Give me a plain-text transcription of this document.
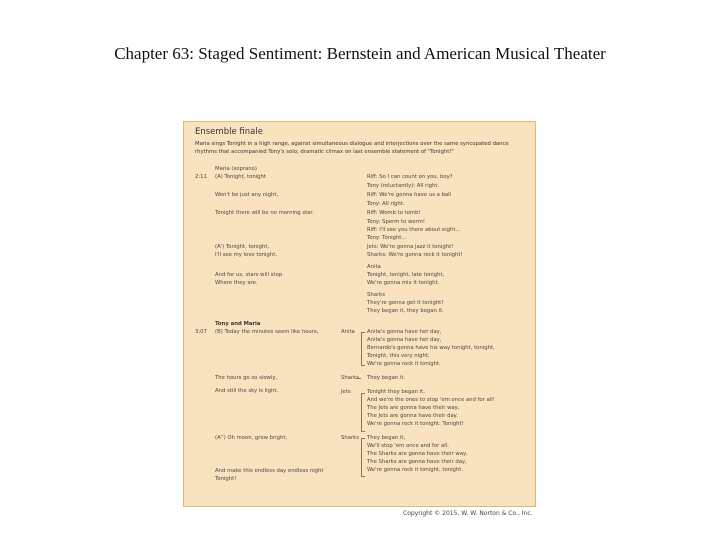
Chapter 63: Staged Sentiment: Bernstein and American Musical Theater
Ensemble finale
Maria sings Tonight in a high range, against simultaneous dialogue and interjections over the same syncopated dance rhythms that accompanied Tony's solo; dramatic climax on last ensemble statement of "Tonight!"
2:11
3:07
Maria (soprano)
(A) Tonight, tonight
Won't be just any night,
Tonight there will be no morning star.
(A') Tonight, tonight,
I'll see my love tonight.
And for us, stars will stop
Where they are.
Tony and Maria
(B) Today the minutes seem like hours,
The hours go so slowly,
And still the sky is light.
(A'') Oh moon, grow bright,
And make this endless day endless night
Tonight!
Anita
Sharks
Jets
Sharks
Riff: So I can count on you, boy?
Tony (reluctantly): All right.
Riff: We're gonna have us a ball
Tony: All right.
Riff: Womb to tomb!
Tony: Sperm to worm!
Riff: I'll see you there about eight...
Tony: Tonight...
Jets: We're gonna jazz it tonight!
Sharks: We're gonna rock it tonight!
Anita
Tonight, tonight, late tonight,
We're gonna mix it tonight.
Sharks
They're gonna get it tonight!
They began it, they began it.
Anita's gonna have her day,
Anita's gonna have her day,
Bernardo's gonna have his way tonight, tonight,
Tonight, this very night,
We're gonna rock it tonight.
They began it.
Tonight they began it,
And we're the ones to stop 'em once and for all!
The Jets are gonna have their way,
The Jets are gonna have their day.
We're gonna rock it tonight. Tonight!
They began it,
We'll stop 'em once and for all.
The Sharks are gonna have their way,
The Sharks are gonna have their day,
We're gonna rock it tonight, tonight.
Copyright © 2015, W. W. Norton & Co., Inc.
